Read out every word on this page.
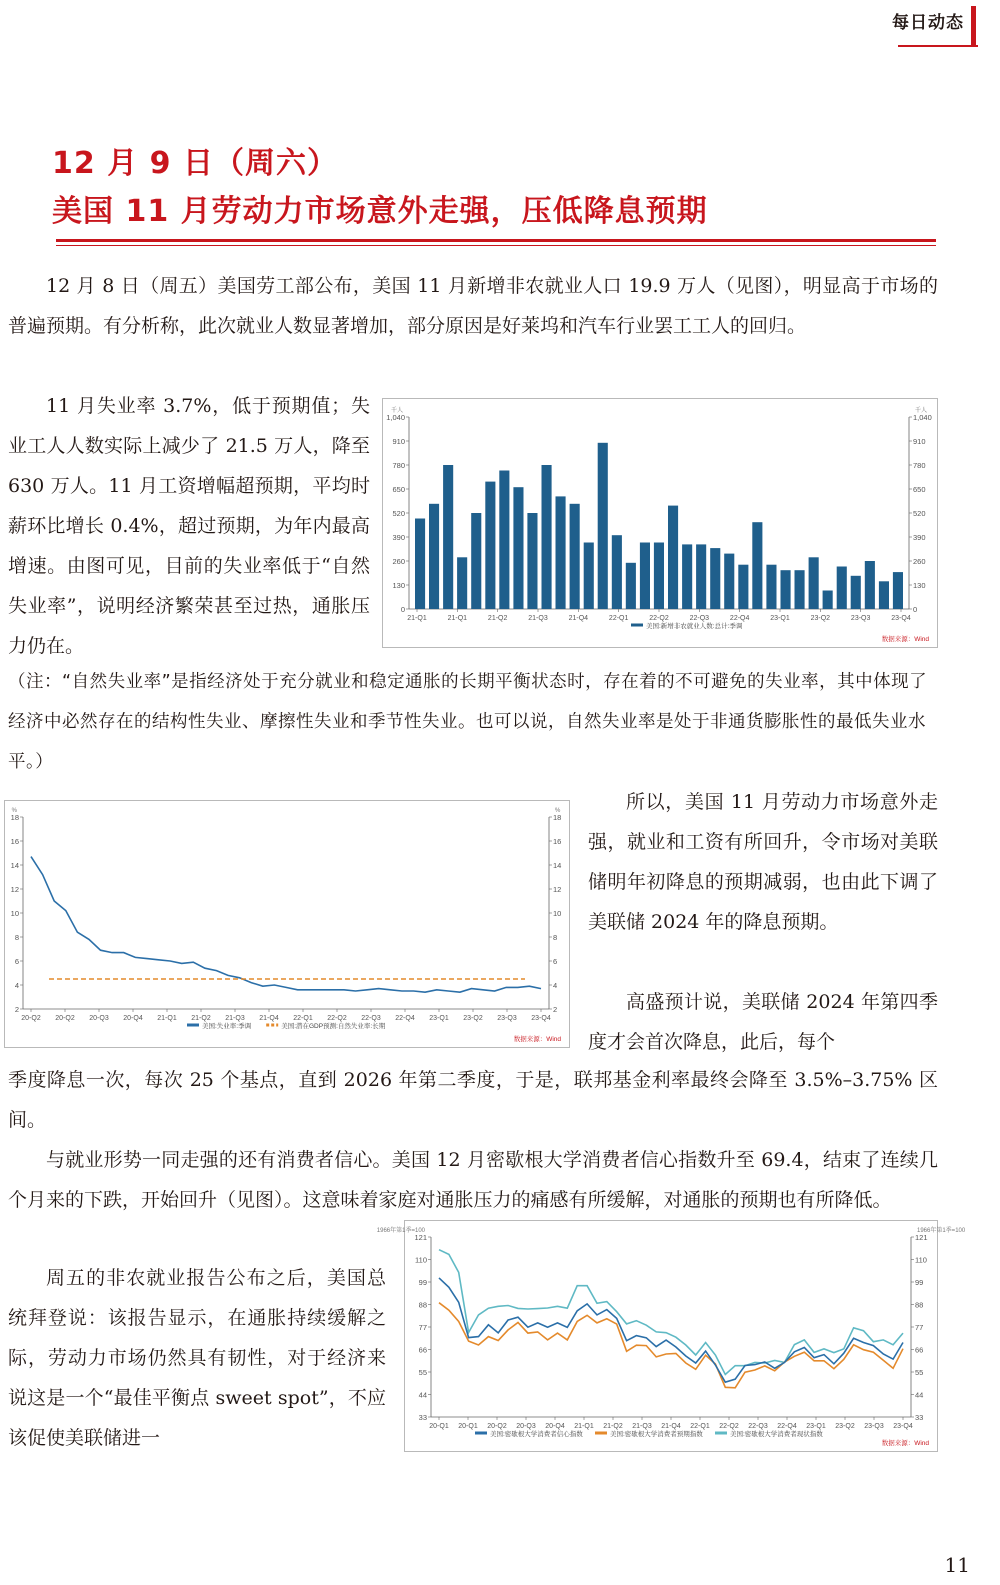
每日动态
12 月 9 日（周六）
美国 11 月劳动力市场意外走强，压低降息预期
12 月 8 日（周五）美国劳工部公布，美国 11 月新增非农就业人口 19.9 万人（见图），明显高于市场的普遍预期。有分析称，此次就业人数显著增加，部分原因是好莱坞和汽车行业罢工工人的回归。
11 月失业率 3.7%，低于预期值；失业工人人数实际上减少了 21.5 万人，降至 630 万人。11 月工资增幅超预期，平均时薪环比增长 0.4%，超过预期，为年内最高增速。由图可见，目前的失业率低于“自然失业率”，说明经济繁荣甚至过热，通胀压力仍在。
（注：“自然失业率”是指经济处于充分就业和稳定通胀的长期平衡状态时，存在着的不可避免的失业率，其中体现了经济中必然存在的结构性失业、摩擦性失业和季节性失业。也可以说，自然失业率是处于非通货膨胀性的最低失业水平。）
所以，美国 11 月劳动力市场意外走强，就业和工资有所回升，令市场对美联储明年初降息的预期减弱，也由此下调了美联储 2024 年的降息预期。
高盛预计说，美联储 2024 年第四季度才会首次降息，此后，每个
季度降息一次，每次 25 个基点，直到 2026 年第二季度，于是，联邦基金利率最终会降至 3.5%–3.75% 区间。
与就业形势一同走强的还有消费者信心。美国 12 月密歇根大学消费者信心指数升至 69.4，结束了连续几个月来的下跌，开始回升（见图）。这意味着家庭对通胀压力的痛感有所缓解，对通胀的预期也有所降低。
周五的非农就业报告公布之后，美国总统拜登说：该报告显示，在通胀持续缓解之际，劳动力市场仍然具有韧性，对于经济来说这是一个“最佳平衡点 sweet spot”，不应该促使美联储进一
0	0
130	130
260	260
390	390
520	520
650	650
780	780
910	910
1,040	1,040
千人	千人
21-Q1	21-Q1	21-Q2	21-Q3	21-Q4	22-Q1	22-Q2	22-Q3	22-Q4	23-Q1	23-Q2	23-Q3	23-Q4
美国:新增非农就业人数:总计:季调
数据来源：Wind
2	2
4	4
6	6
8	8
10	10
12	12
14	14
16	16
18	18
%	%
20-Q2 20-Q2 20-Q3 20-Q4 21-Q1 21-Q2 21-Q3 21-Q4 22-Q1 22-Q2 22-Q3 22-Q4 23-Q1 23-Q2 23-Q3 23-Q4
美国:失业率:季调	美国:潜在GDP预测:自然失业率:长期
数据来源：Wind
33	33
44	44
55	55
66	66
77	77
88	88
99	99
110	110
121	121
1966年第1季=100	1966年第1季=100
20-Q1 20-Q1 20-Q2 20-Q3 20-Q4 21-Q1 21-Q2 21-Q3 21-Q4 22-Q1 22-Q2 22-Q3 22-Q4 23-Q1 23-Q2 23-Q3 23-Q4
美国:密歇根大学消费者信心指数	美国:密歇根大学消费者预期指数	美国:密歇根大学消费者现状指数
数据来源：Wind
11
